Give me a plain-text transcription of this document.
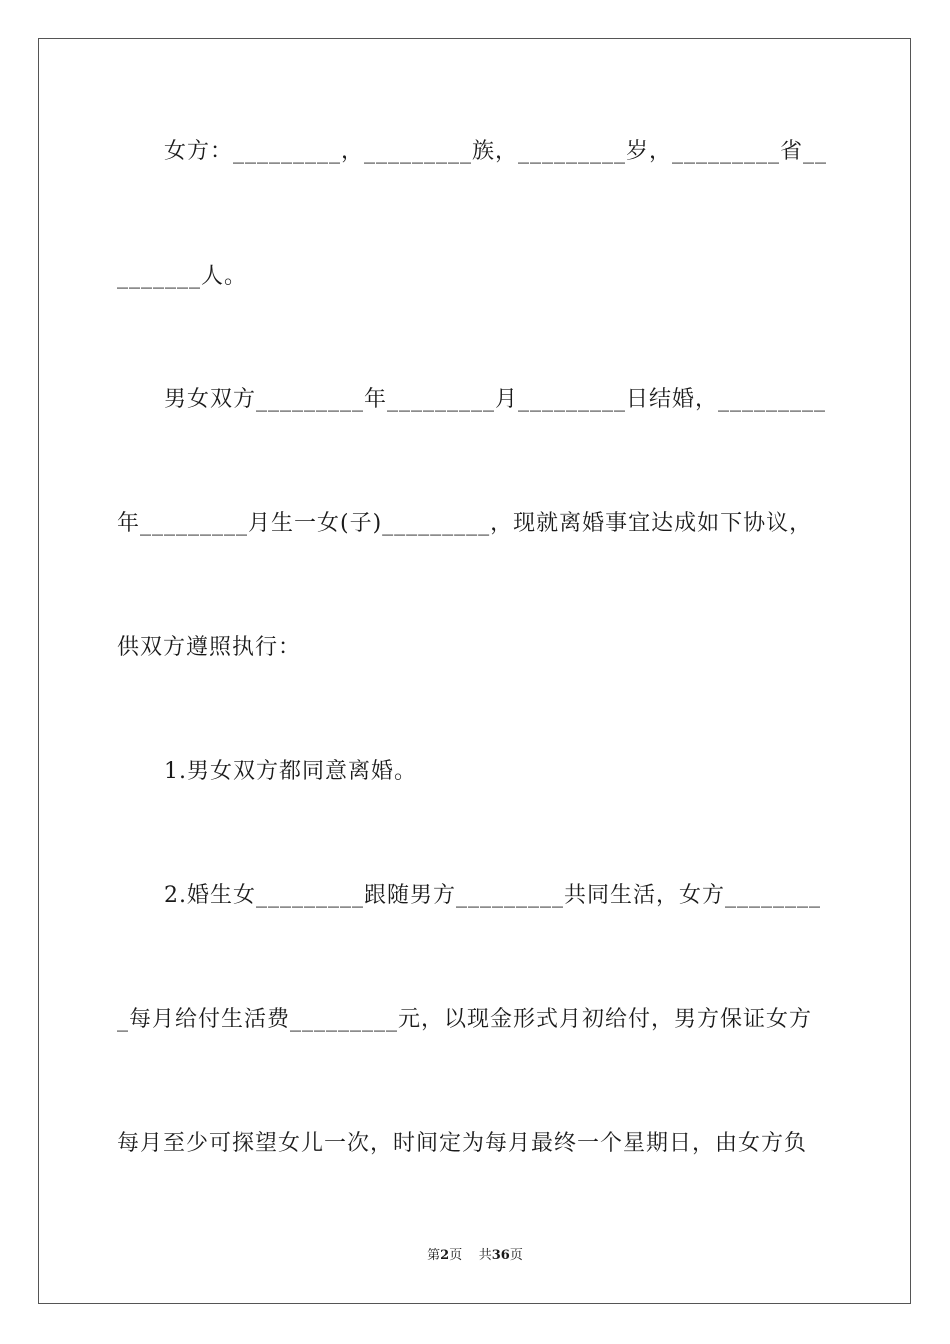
女方：_________，_________族，_________岁，_________省__
_______人。
男女双方_________年_________月_________日结婚，_________
年_________月生一女(子)_________，现就离婚事宜达成如下协议，
供双方遵照执行：
1.男女双方都同意离婚。
2.婚生女_________跟随男方_________共同生活，女方________
_每月给付生活费_________元，以现金形式月初给付，男方保证女方
每月至少可探望女儿一次，时间定为每月最终一个星期日，由女方负
第2页 共36页
